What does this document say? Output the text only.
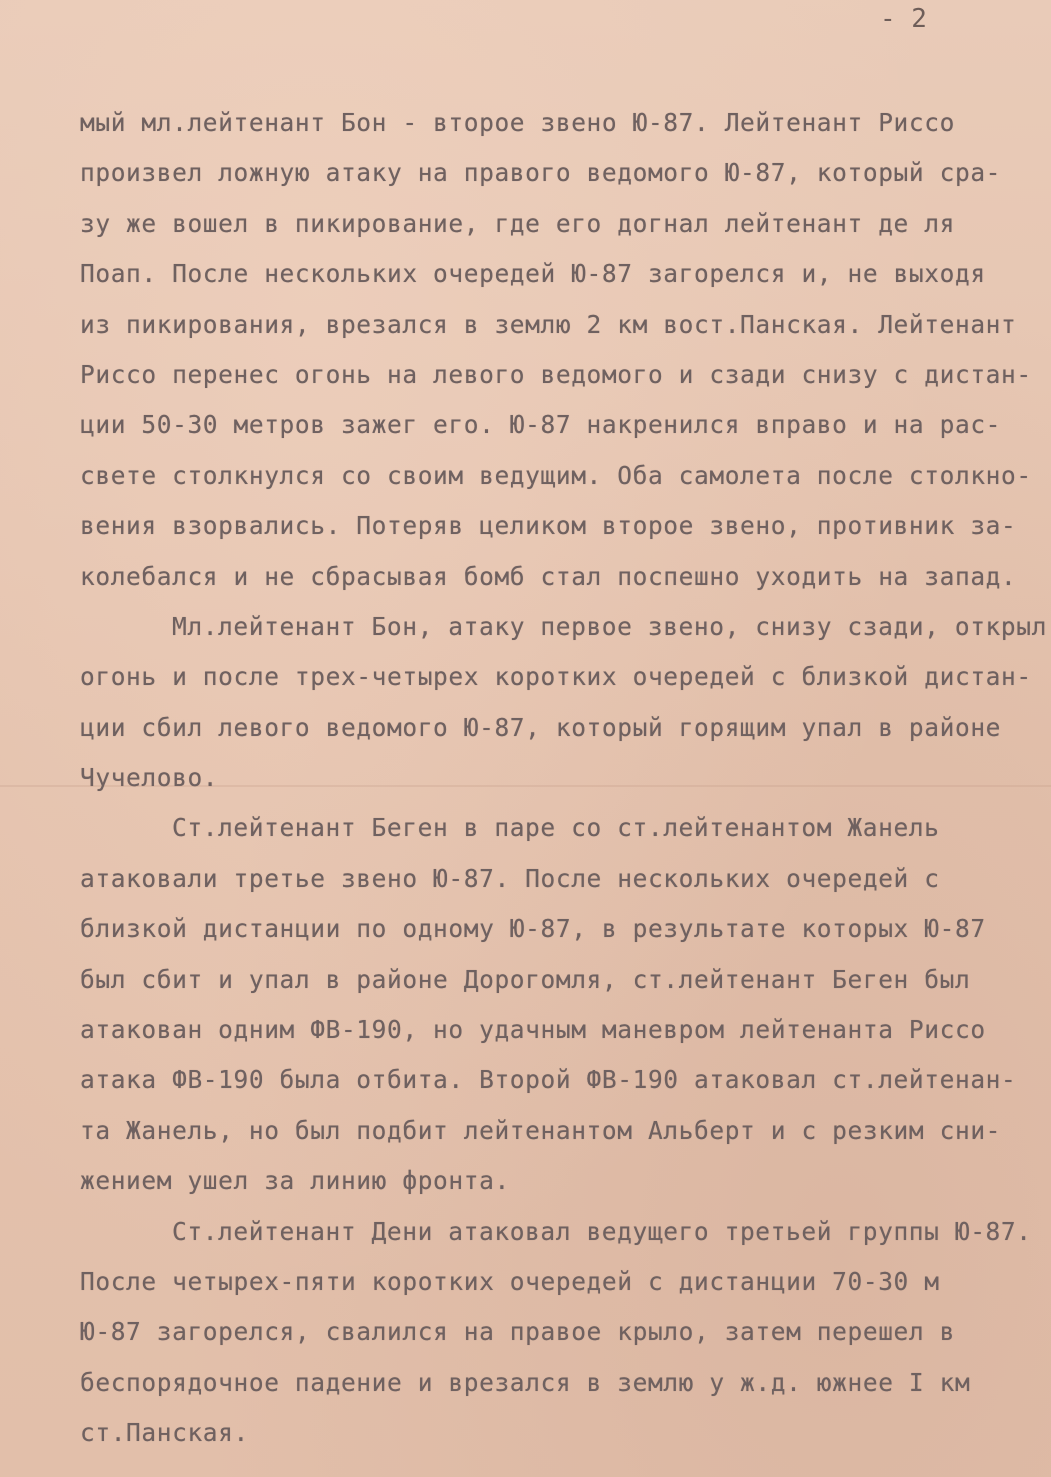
- 2
мый мл.лейтенант Бон - второе звено Ю-87. Лейтенант Риссо
произвел ложную атаку на правого ведомого Ю-87, который сра-
зу же вошел в пикирование, где его догнал лейтенант де ля
Поап. После нескольких очередей Ю-87 загорелся и, не выходя
из пикирования, врезался в землю 2 км вост.Панская. Лейтенант
Риссо перенес огонь на левого ведомого и сзади снизу с дистан-
ции 50-30 метров зажег его. Ю-87 накренился вправо и на рас-
свете столкнулся со своим ведущим. Оба самолета после столкно-
вения взорвались. Потеряв целиком второе звено, противник за-
колебался и не сбрасывая бомб стал поспешно уходить на запад.
Мл.лейтенант Бон, атаку первое звено, снизу сзади, открыл
огонь и после трех-четырех коротких очередей с близкой дистан-
ции сбил левого ведомого Ю-87, который горящим упал в районе
Чучелово.
Ст.лейтенант Беген в паре со ст.лейтенантом Жанель
атаковали третье звено Ю-87. После нескольких очередей с
близкой дистанции по одному Ю-87, в результате которых Ю-87
был сбит и упал в районе Дорогомля, ст.лейтенант Беген был
атакован одним ФВ-190, но удачным маневром лейтенанта Риссо
атака ФВ-190 была отбита. Второй ФВ-190 атаковал ст.лейтенан-
та Жанель, но был подбит лейтенантом Альберт и с резким сни-
жением ушел за линию фронта.
Ст.лейтенант Дени атаковал ведущего третьей группы Ю-87.
После четырех-пяти коротких очередей с дистанции 70-30 м
Ю-87 загорелся, свалился на правое крыло, затем перешел в
беспорядочное падение и врезался в землю у ж.д. южнее I км
ст.Панская.
